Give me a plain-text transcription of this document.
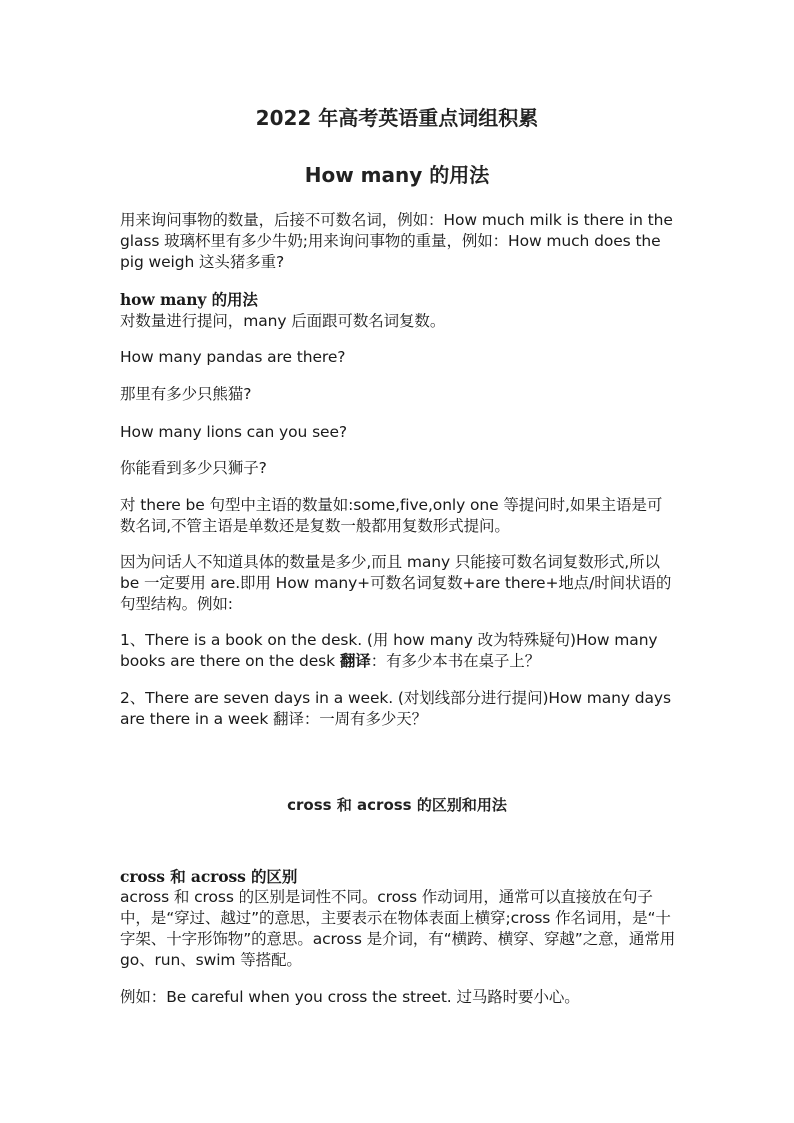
2022 年高考英语重点词组积累
How many 的用法

用来询问事物的数量，后接不可数名词，例如：How much milk is there in the glass 玻璃杯里有多少牛奶;用来询问事物的重量，例如：How much does the pig weigh 这头猪多重?

how many 的用法

对数量进行提问，many 后面跟可数名词复数。

How many pandas are there?

那里有多少只熊猫?

How many lions can you see?

你能看到多少只狮子?

对 there be 句型中主语的数量如:some,five,only one 等提问时,如果主语是可数名词,不管主语是单数还是复数一般都用复数形式提问。

因为问话人不知道具体的数量是多少,而且 many 只能接可数名词复数形式,所以 be 一定要用 are.即用 How many+可数名词复数+are there+地点/时间状语的句型结构。例如:

1、There is a book on the desk. (用 how many 改为特殊疑句)How many books are there on the desk 翻译：有多少本书在桌子上？

2、There are seven days in a week. (对划线部分进行提问)How many days are there in a week 翻译：一周有多少天？

cross 和 across 的区别和用法

cross 和 across 的区别

across 和 cross 的区别是词性不同。cross 作动词用，通常可以直接放在句子中，是“穿过、越过”的意思，主要表示在物体表面上横穿;cross 作名词用，是“十字架、十字形饰物”的意思。across 是介词，有“横跨、横穿、穿越”之意，通常用 go、run、swim 等搭配。

例如：Be careful when you cross the street. 过马路时要小心。
